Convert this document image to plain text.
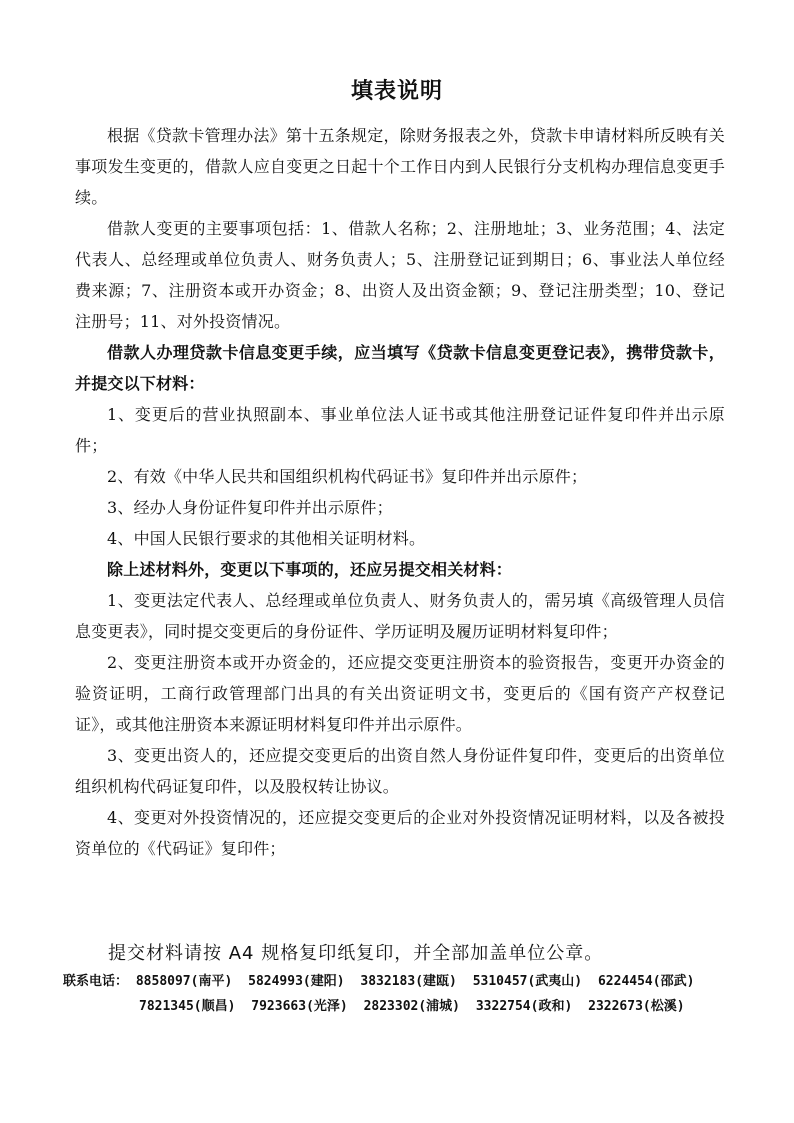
填表说明

根据《贷款卡管理办法》第十五条规定，除财务报表之外，贷款卡申请材料所反映有关事项发生变更的，借款人应自变更之日起十个工作日内到人民银行分支机构办理信息变更手续。

借款人变更的主要事项包括：1、借款人名称；2、注册地址；3、业务范围；4、法定代表人、总经理或单位负责人、财务负责人；5、注册登记证到期日；6、事业法人单位经费来源；7、注册资本或开办资金；8、出资人及出资金额；9、登记注册类型；10、登记注册号；11、对外投资情况。

借款人办理贷款卡信息变更手续，应当填写《贷款卡信息变更登记表》，携带贷款卡，并提交以下材料：

1、变更后的营业执照副本、事业单位法人证书或其他注册登记证件复印件并出示原件；

2、有效《中华人民共和国组织机构代码证书》复印件并出示原件；

3、经办人身份证件复印件并出示原件；

4、中国人民银行要求的其他相关证明材料。

除上述材料外，变更以下事项的，还应另提交相关材料：

1、变更法定代表人、总经理或单位负责人、财务负责人的，需另填《高级管理人员信息变更表》，同时提交变更后的身份证件、学历证明及履历证明材料复印件；

2、变更注册资本或开办资金的，还应提交变更注册资本的验资报告，变更开办资金的验资证明，工商行政管理部门出具的有关出资证明文书，变更后的《国有资产产权登记证》，或其他注册资本来源证明材料复印件并出示原件。

3、变更出资人的，还应提交变更后的出资自然人身份证件复印件，变更后的出资单位组织机构代码证复印件，以及股权转让协议。

4、变更对外投资情况的，还应提交变更后的企业对外投资情况证明材料，以及各被投资单位的《代码证》复印件；

提交材料请按 A4 规格复印纸复印，并全部加盖单位公章。
联系电话： 8858097(南平) 5824993(建阳) 3832183(建瓯) 5310457(武夷山) 6224454(邵武)
7821345(顺昌) 7923663(光泽) 2823302(浦城) 3322754(政和) 2322673(松溪)
